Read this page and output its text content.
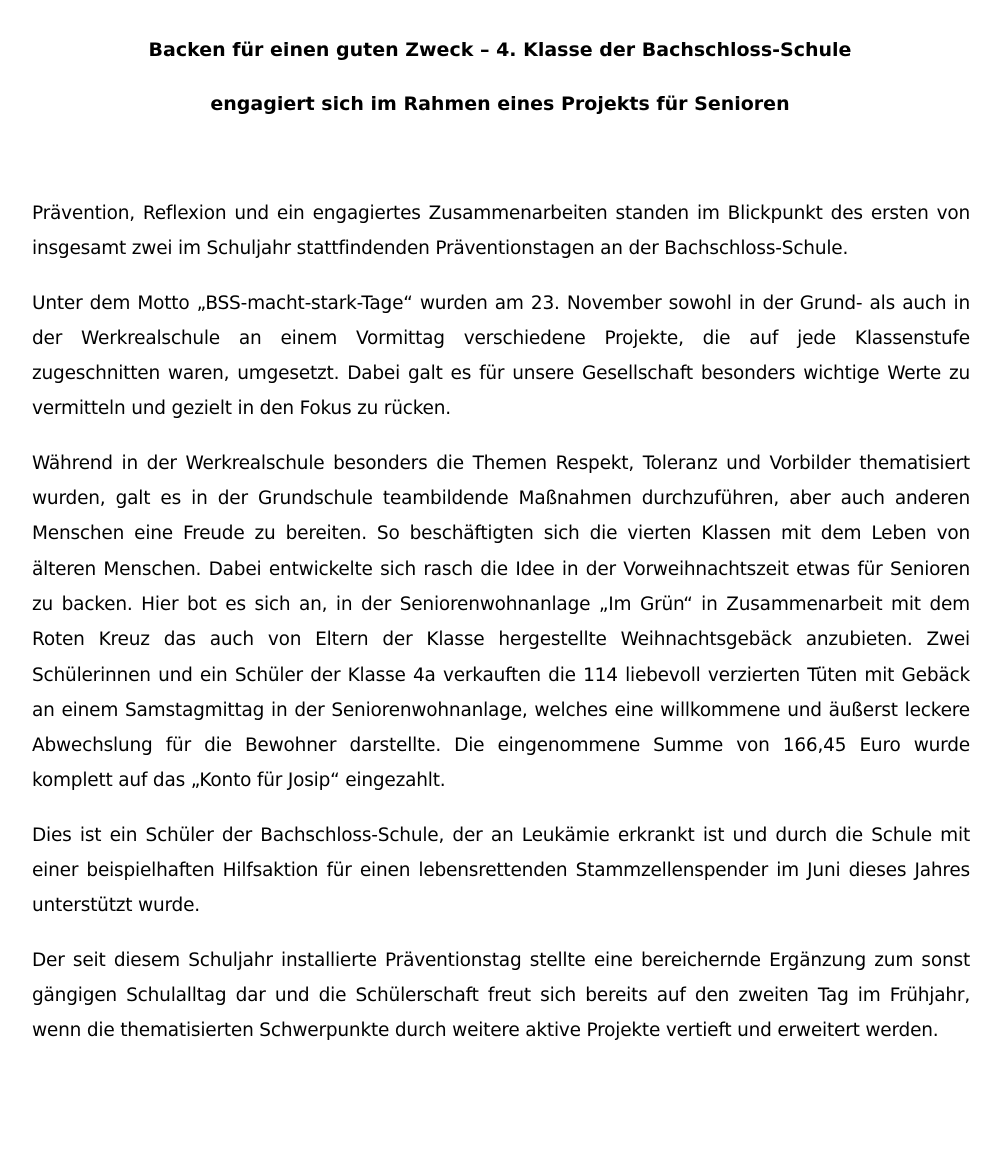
Backen für einen guten Zweck – 4. Klasse der Bachschloss-Schule
engagiert sich im Rahmen eines Projekts für Senioren

Prävention, Reflexion und ein engagiertes Zusammenarbeiten standen im Blickpunkt des ersten von insgesamt zwei im Schuljahr stattfindenden Präventionstagen an der Bachschloss-Schule.

Unter dem Motto „BSS-macht-stark-Tage“ wurden am 23. November sowohl in der Grund- als auch in der Werkrealschule an einem Vormittag verschiedene Projekte, die auf jede Klassenstufe zugeschnitten waren, umgesetzt. Dabei galt es für unsere Gesellschaft besonders wichtige Werte zu vermitteln und gezielt in den Fokus zu rücken.

Während in der Werkrealschule besonders die Themen Respekt, Toleranz und Vorbilder thematisiert wurden, galt es in der Grundschule teambildende Maßnahmen durchzuführen, aber auch anderen Menschen eine Freude zu bereiten. So beschäftigten sich die vierten Klassen mit dem Leben von älteren Menschen. Dabei entwickelte sich rasch die Idee in der Vorweihnachtszeit etwas für Senioren zu backen. Hier bot es sich an, in der Seniorenwohnanlage „Im Grün“ in Zusammenarbeit mit dem Roten Kreuz das auch von Eltern der Klasse hergestellte Weihnachtsgebäck anzubieten. Zwei Schülerinnen und ein Schüler der Klasse 4a verkauften die 114 liebevoll verzierten Tüten mit Gebäck an einem Samstagmittag in der Seniorenwohnanlage, welches eine willkommene und äußerst leckere Abwechslung für die Bewohner darstellte. Die eingenommene Summe von 166,45 Euro wurde komplett auf das „Konto für Josip“ eingezahlt.

Dies ist ein Schüler der Bachschloss-Schule, der an Leukämie erkrankt ist und durch die Schule mit einer beispielhaften Hilfsaktion für einen lebensrettenden Stammzellenspender im Juni dieses Jahres unterstützt wurde.

Der seit diesem Schuljahr installierte Präventionstag stellte eine bereichernde Ergänzung zum sonst gängigen Schulalltag dar und die Schülerschaft freut sich bereits auf den zweiten Tag im Frühjahr, wenn die thematisierten Schwerpunkte durch weitere aktive Projekte vertieft und erweitert werden.
